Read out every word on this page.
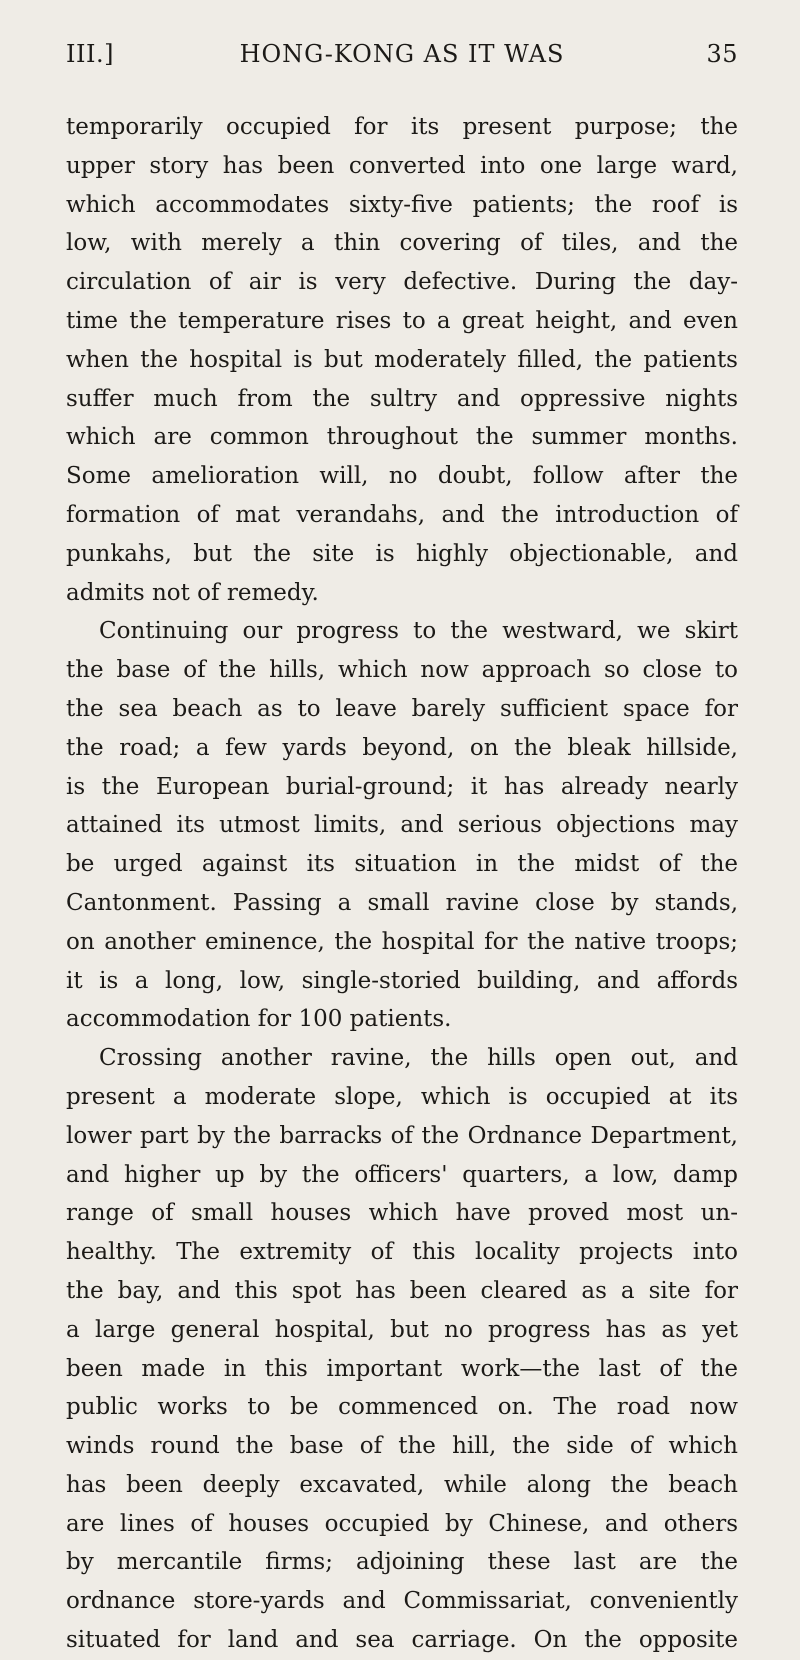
III.]	HONG-KONG AS IT WAS	35
temporarily occupied for its present purpose; the
upper story has been converted into one large ward,
which accommodates sixty-five patients; the roof is
low, with merely a thin covering of tiles, and the
circulation of air is very defective. During the day-
time the temperature rises to a great height, and even
when the hospital is but moderately filled, the patients
suffer much from the sultry and oppressive nights
which are common throughout the summer months.
Some amelioration will, no doubt, follow after the
formation of mat verandahs, and the introduction of
punkahs, but the site is highly objectionable, and
admits not of remedy.
Continuing our progress to the westward, we skirt
the base of the hills, which now approach so close to
the sea beach as to leave barely sufficient space for
the road; a few yards beyond, on the bleak hillside,
is the European burial-ground; it has already nearly
attained its utmost limits, and serious objections may
be urged against its situation in the midst of the
Cantonment. Passing a small ravine close by stands,
on another eminence, the hospital for the native troops;
it is a long, low, single-storied building, and affords
accommodation for 100 patients.
Crossing another ravine, the hills open out, and
present a moderate slope, which is occupied at its
lower part by the barracks of the Ordnance Department,
and higher up by the officers' quarters, a low, damp
range of small houses which have proved most un-
healthy. The extremity of this locality projects into
the bay, and this spot has been cleared as a site for
a large general hospital, but no progress has as yet
been made in this important work—the last of the
public works to be commenced on. The road now
winds round the base of the hill, the side of which
has been deeply excavated, while along the beach
are lines of houses occupied by Chinese, and others
by mercantile firms; adjoining these last are the
ordnance store-yards and Commissariat, conveniently
situated for land and sea carriage. On the opposite
